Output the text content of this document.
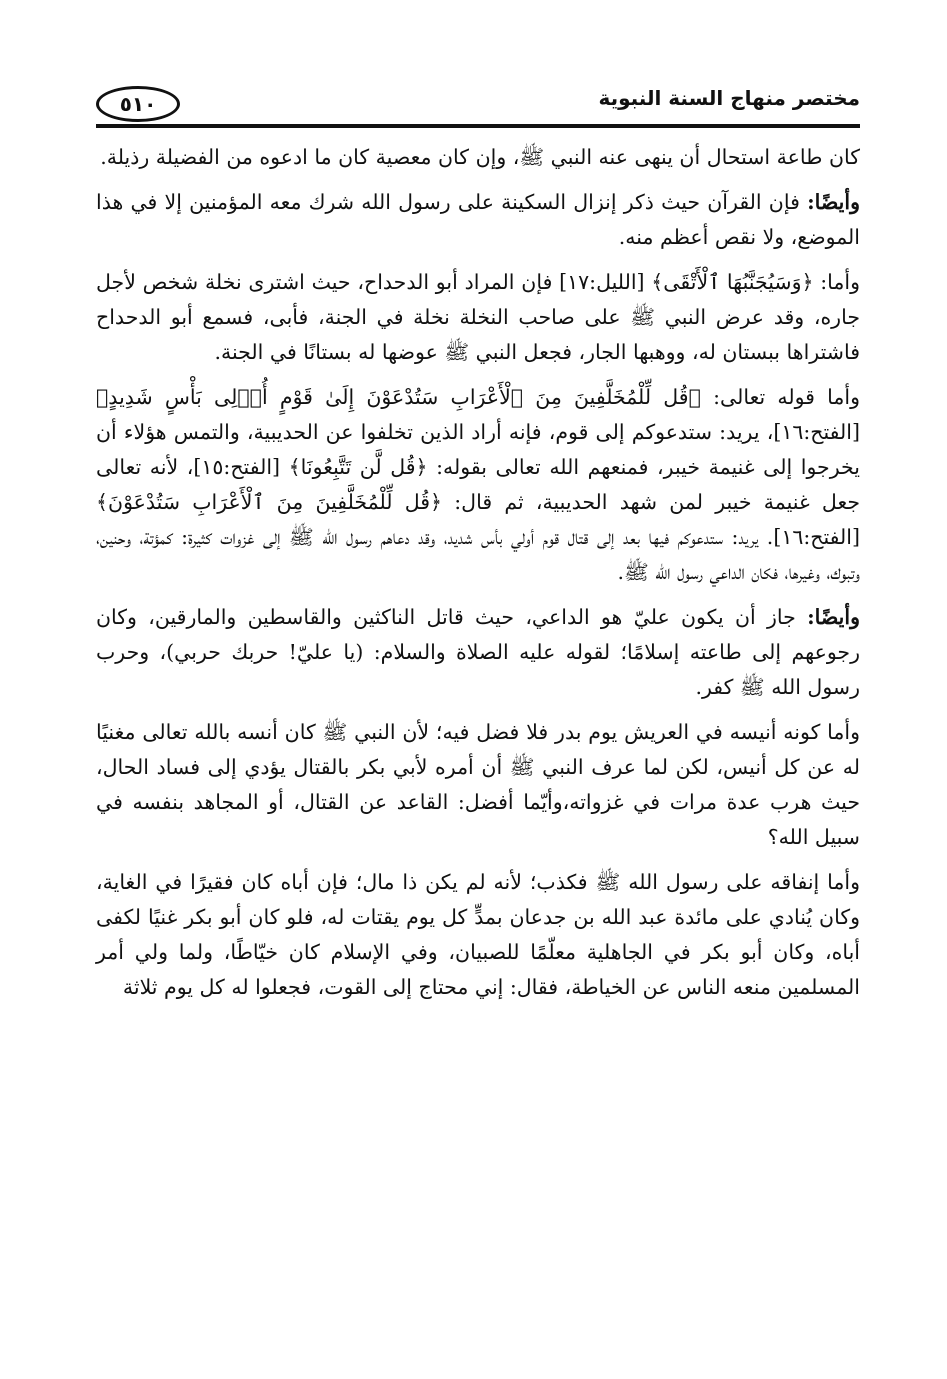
٥١٠	مختصر منهاج السنة النبوية

كان طاعة استحال أن ينهى عنه النبي ﷺ، وإن كان معصية كان ما ادعوه من الفضيلة رذيلة.

وأيضًا: فإن القرآن حيث ذكر إنزال السكينة على رسول الله شرك معه المؤمنين إلا في هذا الموضع، ولا نقص أعظم منه.

وأما: ﴿وَسَيُجَنَّبُهَا ٱلْأَتْقَى﴾ [الليل:١٧] فإن المراد أبو الدحداح، حيث اشترى نخلة شخص لأجل جاره، وقد عرض النبي ﷺ على صاحب النخلة نخلة في الجنة، فأبى، فسمع أبو الدحداح فاشتراها ببستان له، ووهبها الجار، فجعل النبي ﷺ عوضها له بستانًا في الجنة.

وأما قوله تعالى: ﴿قُل لِّلْمُخَلَّفِينَ مِنَ ٱلْأَعْرَابِ سَتُدْعَوْنَ إِلَىٰ قَوْمٍ أُو۟لِى بَأْسٍ شَدِيدٍ﴾ [الفتح:١٦]، يريد: ستدعوكم إلى قوم، فإنه أراد الذين تخلفوا عن الحديبية، والتمس هؤلاء أن يخرجوا إلى غنيمة خيبر، فمنعهم الله تعالى بقوله: ﴿قُل لَّن تَتَّبِعُونَا﴾ [الفتح:١٥]، لأنه تعالى جعل غنيمة خيبر لمن شهد الحديبية، ثم قال: ﴿قُل لِّلْمُخَلَّفِينَ مِنَ ٱلْأَعْرَابِ سَتُدْعَوْنَ﴾ [الفتح:١٦]. يريد: ستدعوكم فيها بعد إلى قتال قوم أولي بأس شديد، وقد دعاهم رسول الله ﷺ إلى غزوات كثيرة: كمؤتة، وحنين، وتبوك، وغيرها، فكان الداعي رسول الله ﷺ.

وأيضًا: جاز أن يكون عليّ هو الداعي، حيث قاتل الناكثين والقاسطين والمارقين، وكان رجوعهم إلى طاعته إسلامًا؛ لقوله عليه الصلاة والسلام: (يا عليّ! حربك حربي)، وحرب رسول الله ﷺ كفر.

وأما كونه أنيسه في العريش يوم بدر فلا فضل فيه؛ لأن النبي ﷺ كان أنسه بالله تعالى مغنيًا له عن كل أنيس، لكن لما عرف النبي ﷺ أن أمره لأبي بكر بالقتال يؤدي إلى فساد الحال، حيث هرب عدة مرات في غزواته،وأيّما أفضل: القاعد عن القتال، أو المجاهد بنفسه في سبيل الله؟

وأما إنفاقه على رسول الله ﷺ فكذب؛ لأنه لم يكن ذا مال؛ فإن أباه كان فقيرًا في الغاية، وكان يُنادي على مائدة عبد الله بن جدعان بمدٍّ كل يوم يقتات له، فلو كان أبو بكر غنيًا لكفى أباه، وكان أبو بكر في الجاهلية معلّمًا للصبيان، وفي الإسلام كان خيّاطًا، ولما ولي أمر المسلمين منعه الناس عن الخياطة، فقال: إني محتاج إلى القوت، فجعلوا له كل يوم ثلاثة
